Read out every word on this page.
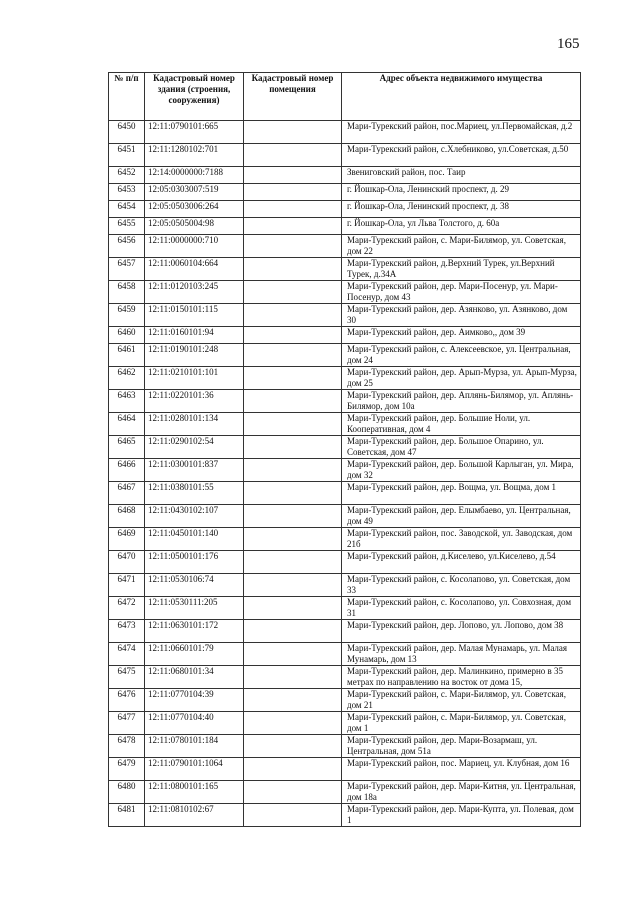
165
№ п/п	Кадастровый номер здания (строения, сооружения)	Кадастровый номер помещения	Адрес объекта недвижимого имущества
6450	12:11:0790101:665		Мари-Турекский район, пос.Мариец, ул.Первомайская, д.2
6451	12:11:1280102:701		Мари-Турекский район, с.Хлебниково, ул.Советская, д.50
6452	12:14:0000000:7188		Звениговский район, пос. Таир
6453	12:05:0303007:519		г. Йошкар-Ола, Ленинский проспект, д. 29
6454	12:05:0503006:264		г. Йошкар-Ола, Ленинский проспект, д. 38
6455	12:05:0505004:98		г. Йошкар-Ола, ул Льва Толстого, д. 60а
6456	12:11:0000000:710		Мари-Турекский район, с. Мари-Билямор, ул. Советская, дом 22
6457	12:11:0060104:664		Мари-Турекский район, д.Верхний Турек, ул.Верхний Турек, д.34А
6458	12:11:0120103:245		Мари-Турекский район, дер. Мари-Посенур, ул. Мари-Посенур, дом 43
6459	12:11:0150101:115		Мари-Турекский район, дер. Азянково, ул. Азянково, дом 30
6460	12:11:0160101:94		Мари-Турекский район, дер. Аимково,, дом 39
6461	12:11:0190101:248		Мари-Турекский район, с. Алексеевское, ул. Центральная, дом 24
6462	12:11:0210101:101		Мари-Турекский район, дер. Арып-Мурза, ул. Арып-Мурза, дом 25
6463	12:11:0220101:36		Мари-Турекский район, дер. Аплянь-Билямор, ул. Аплянь-Билямор, дом 10а
6464	12:11:0280101:134		Мари-Турекский район, дер. Большие Ноли, ул. Кооперативная, дом 4
6465	12:11:0290102:54		Мари-Турекский район, дер. Большое Опарино, ул. Советская, дом 47
6466	12:11:0300101:837		Мари-Турекский район, дер. Большой Карлыган, ул. Мира, дом 32
6467	12:11:0380101:55		Мари-Турекский район, дер. Вощма, ул. Вощма, дом 1
6468	12:11:0430102:107		Мари-Турекский район, дер. Елымбаево, ул. Центральная, дом 49
6469	12:11:0450101:140		Мари-Турекский район, пос. Заводской, ул. Заводская, дом 21б
6470	12:11:0500101:176		Мари-Турекский район, д.Киселево, ул.Киселево, д.54
6471	12:11:0530106:74		Мари-Турекский район, с. Косолапово, ул. Советская, дом 33
6472	12:11:0530111:205		Мари-Турекский район, с. Косолапово, ул. Совхозная, дом 31
6473	12:11:0630101:172		Мари-Турекский район, дер. Лопово, ул. Лопово, дом 38
6474	12:11:0660101:79		Мари-Турекский район, дер. Малая Мунамарь, ул. Малая Мунамарь, дом 13
6475	12:11:0680101:34		Мари-Турекский район, дер. Малинкино, примерно в 35 метрах по направлению на восток от дома 15,
6476	12:11:0770104:39		Мари-Турекский район, с. Мари-Билямор, ул. Советская, дом 21
6477	12:11:0770104:40		Мари-Турекский район, с. Мари-Билямор, ул. Советская, дом 1
6478	12:11:0780101:184		Мари-Турекский район, дер. Мари-Возармаш, ул. Центральная, дом 51а
6479	12:11:0790101:1064		Мари-Турекский район, пос. Мариец, ул. Клубная, дом 16
6480	12:11:0800101:165		Мари-Турекский район, дер. Мари-Китня, ул. Центральная, дом 18а
6481	12:11:0810102:67		Мари-Турекский район, дер. Мари-Купта, ул. Полевая, дом 1
